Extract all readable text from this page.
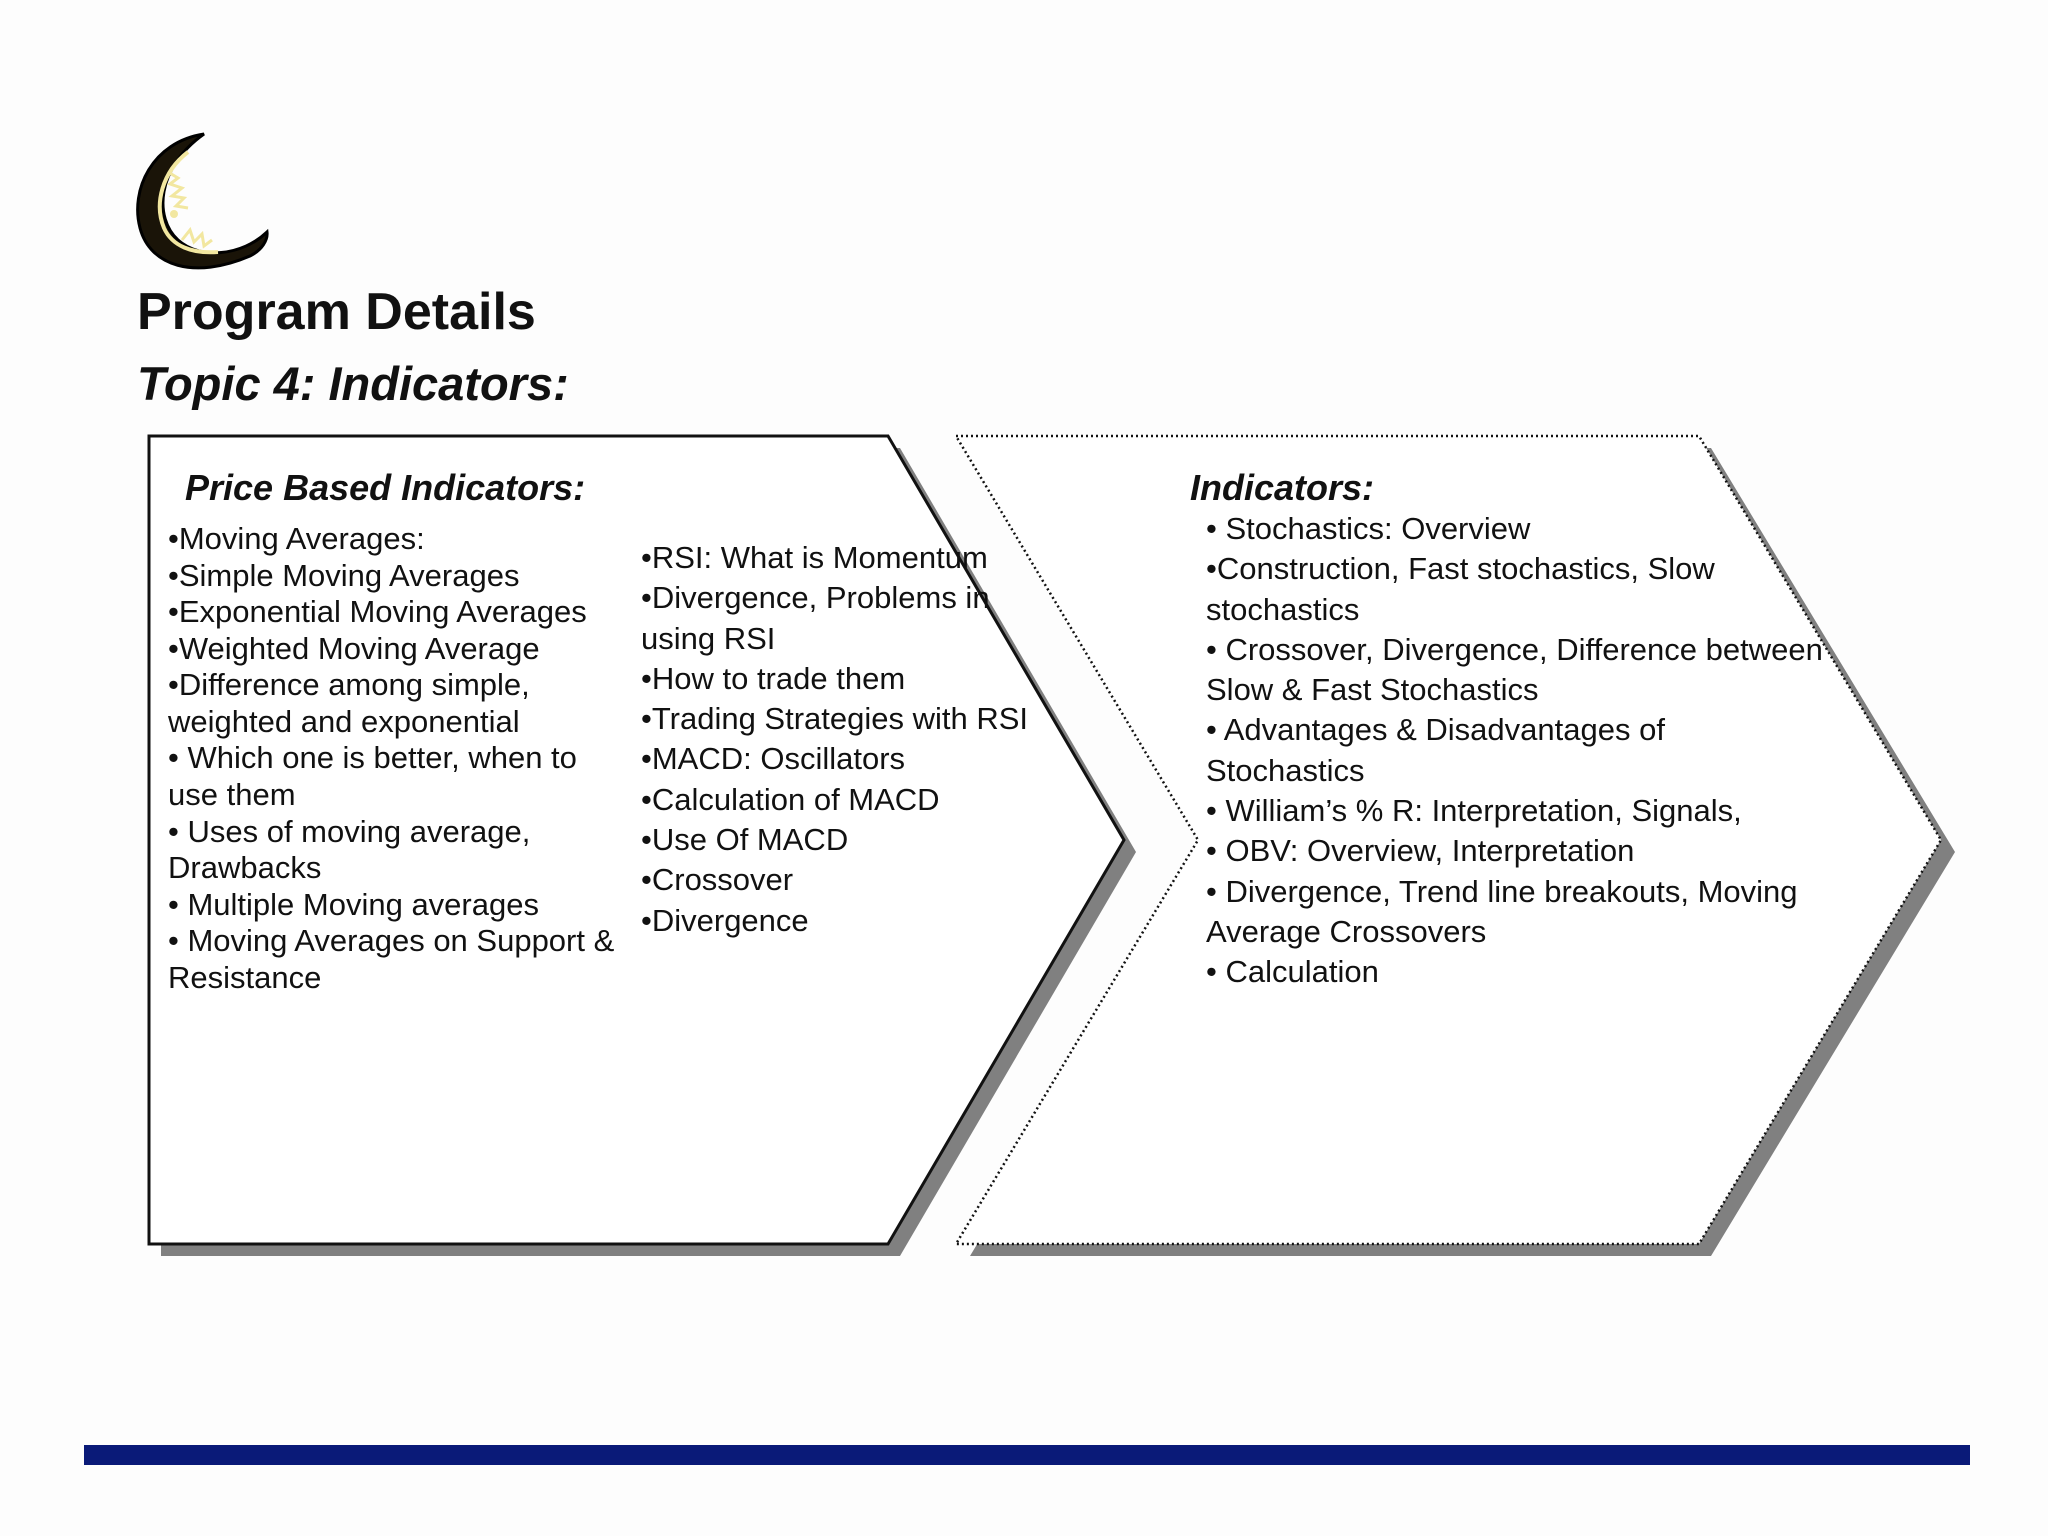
Program Details
Topic 4: Indicators:

Price Based Indicators:

•Moving Averages:
•Simple Moving Averages
•Exponential Moving Averages
•Weighted Moving Average
•Difference among simple, weighted and exponential
• Which one is better, when to use them
• Uses of moving average, Drawbacks
• Multiple Moving averages
• Moving Averages on Support & Resistance
•RSI: What is Momentum
•Divergence, Problems in using RSI
•How to trade them
•Trading Strategies with RSI
•MACD: Oscillators
•Calculation of MACD
•Use Of MACD
•Crossover
•Divergence

Indicators:

• Stochastics: Overview
•Construction, Fast stochastics, Slow stochastics
• Crossover, Divergence, Difference between Slow & Fast Stochastics
• Advantages & Disadvantages of Stochastics
• William’s % R: Interpretation, Signals,
• OBV: Overview, Interpretation
• Divergence, Trend line breakouts, Moving Average Crossovers
• Calculation
